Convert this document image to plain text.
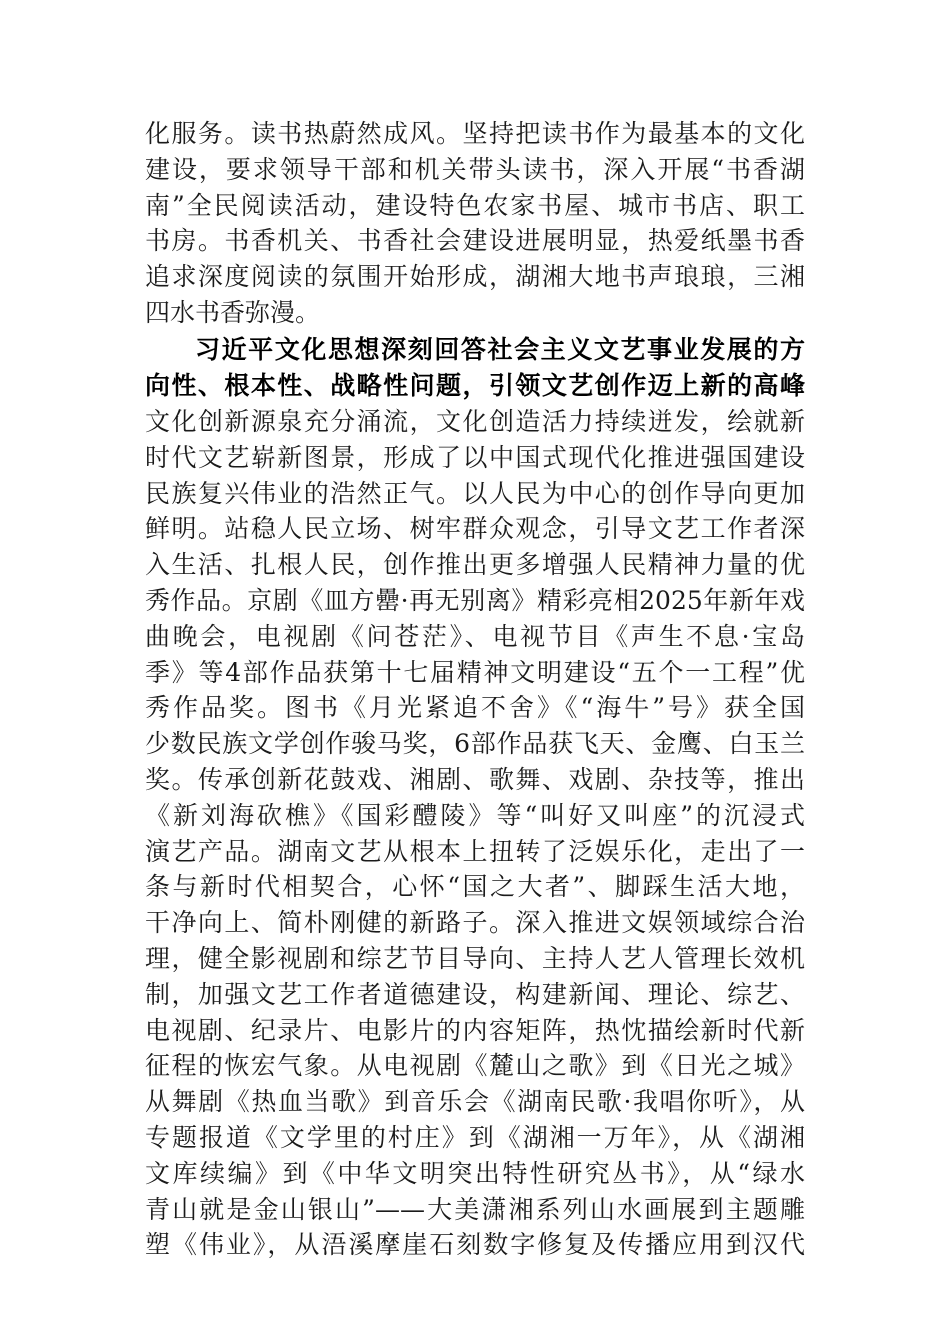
化服务。读书热蔚然成风。坚持把读书作为最基本的文化
建设，要求领导干部和机关带头读书，深入开展“书香湖
南”全民阅读活动，建设特色农家书屋、城市书店、职工
书房。书香机关、书香社会建设进展明显，热爱纸墨书香
追求深度阅读的氛围开始形成，湖湘大地书声琅琅，三湘
四水书香弥漫。
习近平文化思想深刻回答社会主义文艺事业发展的方
向性、根本性、战略性问题，引领文艺创作迈上新的高峰
文化创新源泉充分涌流，文化创造活力持续迸发，绘就新
时代文艺崭新图景，形成了以中国式现代化推进强国建设
民族复兴伟业的浩然正气。以人民为中心的创作导向更加
鲜明。站稳人民立场、树牢群众观念，引导文艺工作者深
入生活、扎根人民，创作推出更多增强人民精神力量的优
秀作品。京剧《皿方罍·再无别离》精彩亮相2025年新年戏
曲晚会，电视剧《问苍茫》、电视节目《声生不息·宝岛
季》等4部作品获第十七届精神文明建设“五个一工程”优
秀作品奖。图书《月光紧追不舍》《“海牛”号》获全国
少数民族文学创作骏马奖，6部作品获飞天、金鹰、白玉兰
奖。传承创新花鼓戏、湘剧、歌舞、戏剧、杂技等，推出
《新刘海砍樵》《国彩醴陵》等“叫好又叫座”的沉浸式
演艺产品。湖南文艺从根本上扭转了泛娱乐化，走出了一
条与新时代相契合，心怀“国之大者”、脚踩生活大地，
干净向上、简朴刚健的新路子。深入推进文娱领域综合治
理，健全影视剧和综艺节目导向、主持人艺人管理长效机
制，加强文艺工作者道德建设，构建新闻、理论、综艺、
电视剧、纪录片、电影片的内容矩阵，热忱描绘新时代新
征程的恢宏气象。从电视剧《麓山之歌》到《日光之城》
从舞剧《热血当歌》到音乐会《湖南民歌·我唱你听》，从
专题报道《文学里的村庄》到《湖湘一万年》，从《湖湘
文库续编》到《中华文明突出特性研究丛书》，从“绿水
青山就是金山银山”——大美潇湘系列山水画展到主题雕
塑《伟业》，从浯溪摩崖石刻数字修复及传播应用到汉代
